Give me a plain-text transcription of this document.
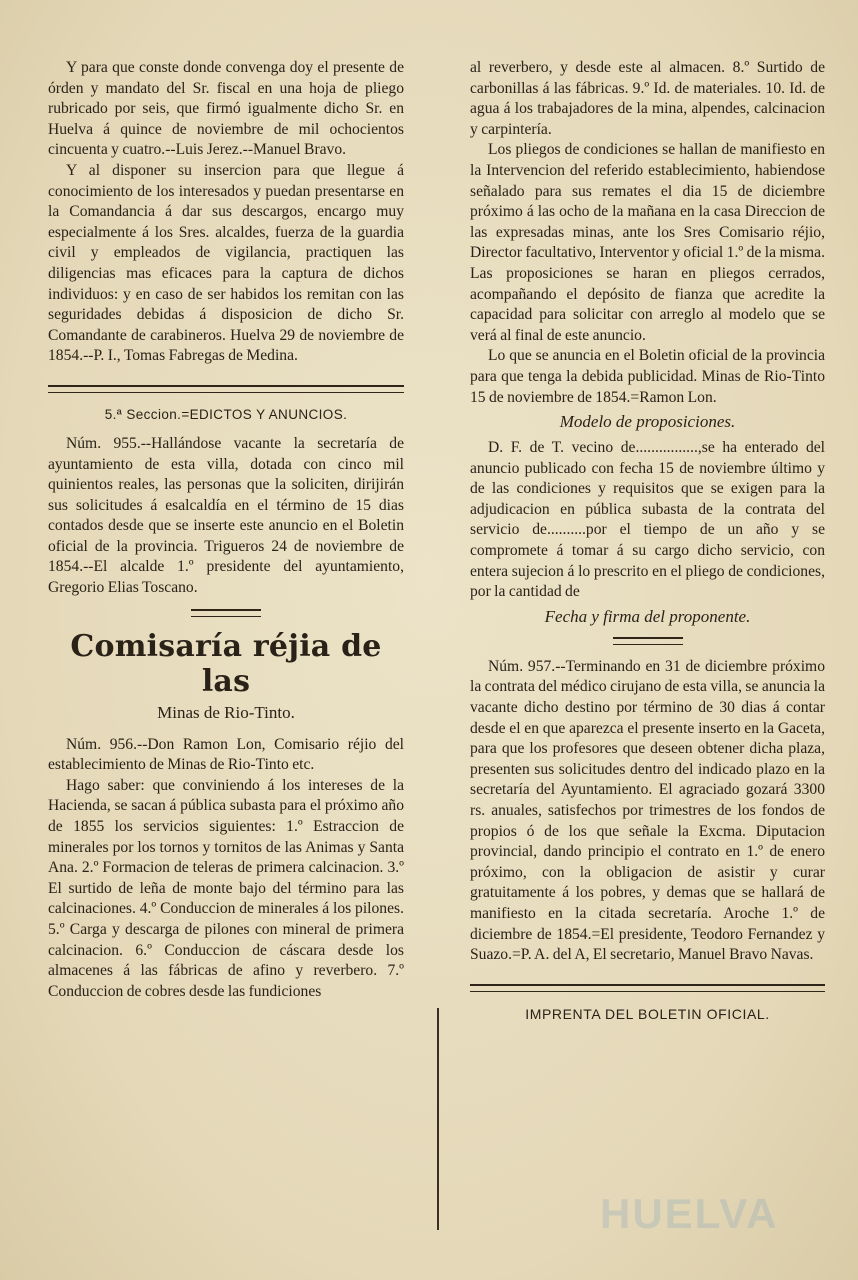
Y para que conste donde convenga doy el presente de órden y mandato del Sr. fiscal en una hoja de pliego rubricado por seis, que firmó igualmente dicho Sr. en Huelva á quince de noviembre de mil ochocientos cincuenta y cuatro.--Luis Jerez.--Manuel Bravo.

Y al disponer su insercion para que llegue á conocimiento de los interesados y puedan presentarse en la Comandancia á dar sus descargos, encargo muy especialmente á los Sres. alcaldes, fuerza de la guardia civil y empleados de vigilancia, practiquen las diligencias mas eficaces para la captura de dichos individuos: y en caso de ser habidos los remitan con las seguridades debidas á disposicion de dicho Sr. Comandante de carabineros. Huelva 29 de noviembre de 1854.--P. I., Tomas Fabregas de Medina.

5.ª Seccion.=EDICTOS Y ANUNCIOS.

Núm. 955.--Hallándose vacante la secretaría de ayuntamiento de esta villa, dotada con cinco mil quinientos reales, las personas que la soliciten, dirijirán sus solicitudes á esalcaldía en el término de 15 dias contados desde que se inserte este anuncio en el Boletin oficial de la provincia. Trigueros 24 de noviembre de 1854.--El alcalde 1.º presidente del ayuntamiento, Gregorio Elias Toscano.

Comisaría réjia de las
Minas de Rio-Tinto.

Núm. 956.--Don Ramon Lon, Comisario réjio del establecimiento de Minas de Rio-Tinto etc.

Hago saber: que conviniendo á los intereses de la Hacienda, se sacan á pública subasta para el próximo año de 1855 los servicios siguientes: 1.º Estraccion de minerales por los tornos y tornitos de las Animas y Santa Ana. 2.º Formacion de teleras de primera calcinacion. 3.º El surtido de leña de monte bajo del término para las calcinaciones. 4.º Conduccion de minerales á los pilones. 5.º Carga y descarga de pilones con mineral de primera calcinacion. 6.º Conduccion de cáscara desde los almacenes á las fábricas de afino y reverbero. 7.º Conduccion de cobres desde las fundiciones

al reverbero, y desde este al almacen. 8.º Surtido de carbonillas á las fábricas. 9.º Id. de materiales. 10. Id. de agua á los trabajadores de la mina, alpendes, calcinacion y carpintería.

Los pliegos de condiciones se hallan de manifiesto en la Intervencion del referido establecimiento, habiendose señalado para sus remates el dia 15 de diciembre próximo á las ocho de la mañana en la casa Direccion de las expresadas minas, ante los Sres Comisario réjio, Director facultativo, Interventor y oficial 1.º de la misma. Las proposiciones se haran en pliegos cerrados, acompañando el depósito de fianza que acredite la capacidad para solicitar con arreglo al modelo que se verá al final de este anuncio.

Lo que se anuncia en el Boletin oficial de la provincia para que tenga la debida publicidad. Minas de Rio-Tinto 15 de noviembre de 1854.=Ramon Lon.

Modelo de proposiciones.

D. F. de T. vecino de................,se ha enterado del anuncio publicado con fecha 15 de noviembre último y de las condiciones y requisitos que se exigen para la adjudicacion en pública subasta de la contrata del servicio de..........por el tiempo de un año y se compromete á tomar á su cargo dicho servicio, con entera sujecion á lo prescrito en el pliego de condiciones, por la cantidad de

Fecha y firma del proponente.

Núm. 957.--Terminando en 31 de diciembre próximo la contrata del médico cirujano de esta villa, se anuncia la vacante dicho destino por término de 30 dias á contar desde el en que aparezca el presente inserto en la Gaceta, para que los profesores que deseen obtener dicha plaza, presenten sus solicitudes dentro del indicado plazo en la secretaría del Ayuntamiento. El agraciado gozará 3300 rs. anuales, satisfechos por trimestres de los fondos de propios ó de los que señale la Excma. Diputacion provincial, dando principio el contrato en 1.º de enero próximo, con la obligacion de asistir y curar gratuitamente á los pobres, y demas que se hallará de manifiesto en la citada secretaría. Aroche 1.º de diciembre de 1854.=El presidente, Teodoro Fernandez y Suazo.=P. A. del A, El secretario, Manuel Bravo Navas.

IMPRENTA DEL BOLETIN OFICIAL.
HUELVA
